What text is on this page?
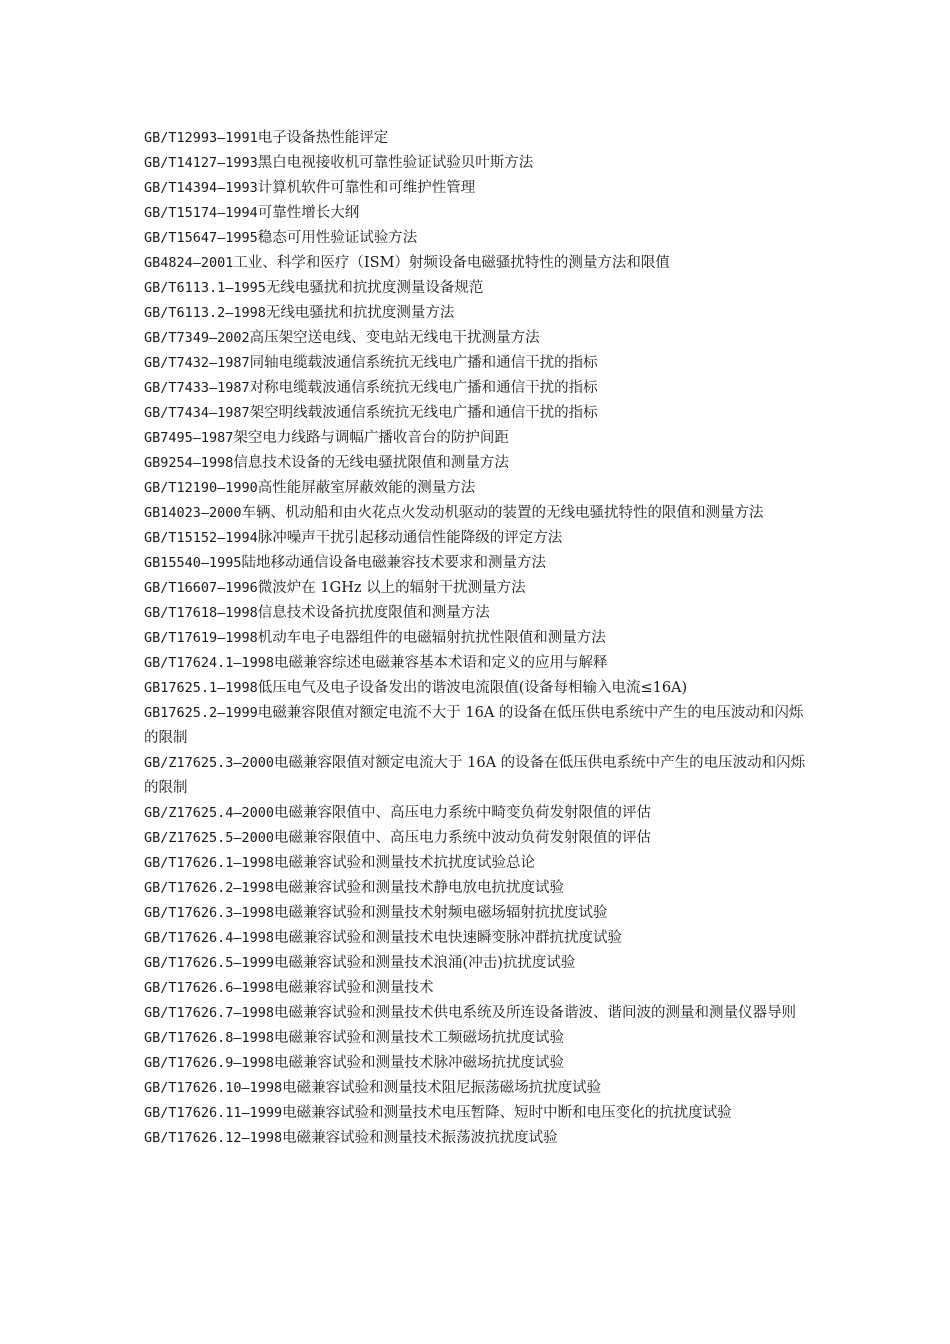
GB/T12993—1991电子设备热性能评定

GB/T14127—1993黑白电视接收机可靠性验证试验贝叶斯方法

GB/T14394—1993计算机软件可靠性和可维护性管理

GB/T15174—1994可靠性增长大纲

GB/T15647—1995稳态可用性验证试验方法

GB4824—2001工业、科学和医疗（ISM）射频设备电磁骚扰特性的测量方法和限值

GB/T6113.1—1995无线电骚扰和抗扰度测量设备规范

GB/T6113.2—1998无线电骚扰和抗扰度测量方法

GB/T7349—2002高压架空送电线、变电站无线电干扰测量方法

GB/T7432—1987同轴电缆载波通信系统抗无线电广播和通信干扰的指标

GB/T7433—1987对称电缆载波通信系统抗无线电广播和通信干扰的指标

GB/T7434—1987架空明线载波通信系统抗无线电广播和通信干扰的指标

GB7495—1987架空电力线路与调幅广播收音台的防护间距

GB9254—1998信息技术设备的无线电骚扰限值和测量方法

GB/T12190—1990高性能屏蔽室屏蔽效能的测量方法

GB14023—2000车辆、机动船和由火花点火发动机驱动的装置的无线电骚扰特性的限值和测量方法

GB/T15152—1994脉冲噪声干扰引起移动通信性能降级的评定方法

GB15540—1995陆地移动通信设备电磁兼容技术要求和测量方法

GB/T16607—1996微波炉在 1GHz 以上的辐射干扰测量方法

GB/T17618—1998信息技术设备抗扰度限值和测量方法

GB/T17619—1998机动车电子电器组件的电磁辐射抗扰性限值和测量方法

GB/T17624.1—1998电磁兼容综述电磁兼容基本术语和定义的应用与解释

GB17625.1—1998低压电气及电子设备发出的谐波电流限值(设备每相输入电流≤16A)

GB17625.2—1999电磁兼容限值对额定电流不大于 16A 的设备在低压供电系统中产生的电压波动和闪烁的限制

GB/Z17625.3—2000电磁兼容限值对额定电流大于 16A 的设备在低压供电系统中产生的电压波动和闪烁的限制

GB/Z17625.4—2000电磁兼容限值中、高压电力系统中畸变负荷发射限值的评估

GB/Z17625.5—2000电磁兼容限值中、高压电力系统中波动负荷发射限值的评估

GB/T17626.1—1998电磁兼容试验和测量技术抗扰度试验总论

GB/T17626.2—1998电磁兼容试验和测量技术静电放电抗扰度试验

GB/T17626.3—1998电磁兼容试验和测量技术射频电磁场辐射抗扰度试验

GB/T17626.4—1998电磁兼容试验和测量技术电快速瞬变脉冲群抗扰度试验

GB/T17626.5—1999电磁兼容试验和测量技术浪涌(冲击)抗扰度试验

GB/T17626.6—1998电磁兼容试验和测量技术

GB/T17626.7—1998电磁兼容试验和测量技术供电系统及所连设备谐波、谐间波的测量和测量仪器导则

GB/T17626.8—1998电磁兼容试验和测量技术工频磁场抗扰度试验

GB/T17626.9—1998电磁兼容试验和测量技术脉冲磁场抗扰度试验

GB/T17626.10—1998电磁兼容试验和测量技术阻尼振荡磁场抗扰度试验

GB/T17626.11—1999电磁兼容试验和测量技术电压暂降、短时中断和电压变化的抗扰度试验

GB/T17626.12—1998电磁兼容试验和测量技术振荡波抗扰度试验
